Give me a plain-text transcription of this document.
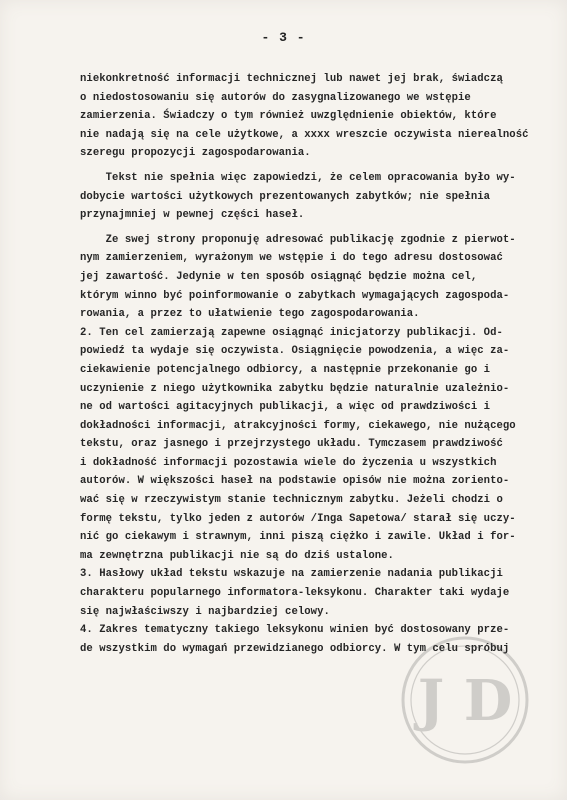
- 3 -
niekonkretność informacji technicznej lub nawet jej brak, świadczą
o niedostosowaniu się autorów do zasygnalizowanego we wstępie
zamierzenia. Świadczy o tym również uwzględnienie obiektów, które
nie nadają się na cele użytkowe, a xxxx wreszcie oczywista nierealność szeregu propozycji zagospodarowania.
Tekst nie spełnia więc zapowiedzi, że celem opracowania było wy-
dobycie wartości użytkowych prezentowanych zabytków; nie spełnia
przynajmniej w pewnej części haseł.
Ze swej strony proponuję adresować publikację zgodnie z pierwot-
nym zamierzeniem, wyrażonym we wstępie i do tego adresu dostosować
jej zawartość. Jedynie w ten sposób osiągnąć będzie można cel,
którym winno być poinformowanie o zabytkach wymagających zagospoda-
rowania, a przez to ułatwienie tego zagospodarowania.
2. Ten cel zamierzają zapewne osiągnąć inicjatorzy publikacji. Od-
powiedź ta wydaje się oczywista. Osiągnięcie powodzenia, a więc za-
ciekawienie potencjalnego odbiorcy, a następnie przekonanie go i
uczynienie z niego użytkownika zabytku będzie naturalnie uzależnio-
ne od wartości agitacyjnych publikacji, a więc od prawdziwości i
dokładności informacji, atrakcyjności formy, ciekawego, nie nużącego
tekstu, oraz jasnego i przejrzystego układu. Tymczasem prawdziwość
i dokładność informacji pozostawia wiele do życzenia u wszystkich
autorów. W większości haseł na podstawie opisów nie można zoriento-
wać się w rzeczywistym stanie technicznym zabytku. Jeżeli chodzi o
formę tekstu, tylko jeden z autorów /Inga Sapetowa/ starał się uczy-
nić go ciekawym i strawnym, inni piszą ciężko i zawile. Układ i for-
ma zewnętrzna publikacji nie są do dziś ustalone.
3. Hasłowy układ tekstu wskazuje na zamierzenie nadania publikacji
charakteru popularnego informatora-leksykonu. Charakter taki wydaje
się najwłaściwszy i najbardziej celowy.
4. Zakres tematyczny takiego leksykonu winien być dostosowany prze-
de wszystkim do wymagań przewidzianego odbiorcy. W tym celu spróbuj
J D
